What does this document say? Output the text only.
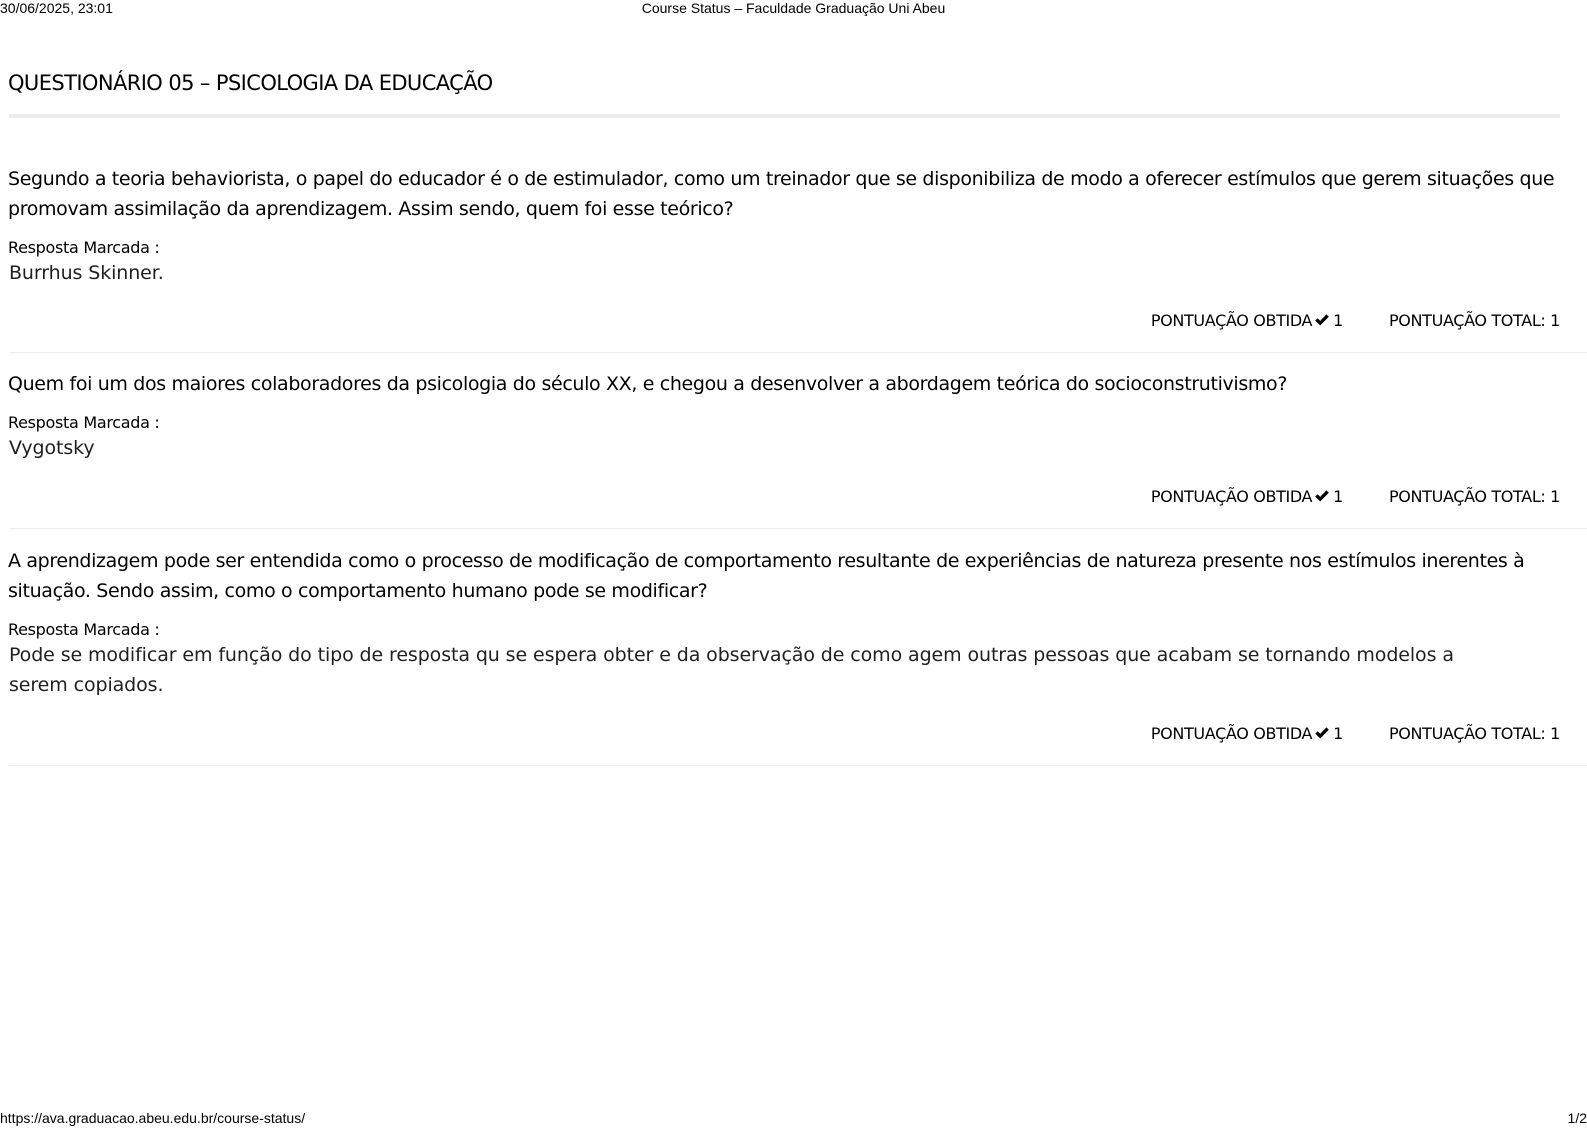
30/06/2025, 23:01	Course Status – Faculdade Graduação Uni Abeu
QUESTIONÁRIO 05 – PSICOLOGIA DA EDUCAÇÃO

Segundo a teoria behaviorista, o papel do educador é o de estimulador, como um treinador que se disponibiliza de modo a oferecer estímulos que gerem situações que promovam assimilação da aprendizagem. Assim sendo, quem foi esse teórico?

Resposta Marcada :
Burrhus Skinner.
PONTUAÇÃO OBTIDA 1	PONTUAÇÃO TOTAL: 1

Quem foi um dos maiores colaboradores da psicologia do século XX, e chegou a desenvolver a abordagem teórica do socioconstrutivismo?

Resposta Marcada :
Vygotsky
PONTUAÇÃO OBTIDA 1	PONTUAÇÃO TOTAL: 1

A aprendizagem pode ser entendida como o processo de modificação de comportamento resultante de experiências de natureza presente nos estímulos inerentes à situação. Sendo assim, como o comportamento humano pode se modificar?

Resposta Marcada :
Pode se modificar em função do tipo de resposta qu se espera obter e da observação de como agem outras pessoas que acabam se tornando modelos a serem copiados.
PONTUAÇÃO OBTIDA 1	PONTUAÇÃO TOTAL: 1
https://ava.graduacao.abeu.edu.br/course-status/	1/2
